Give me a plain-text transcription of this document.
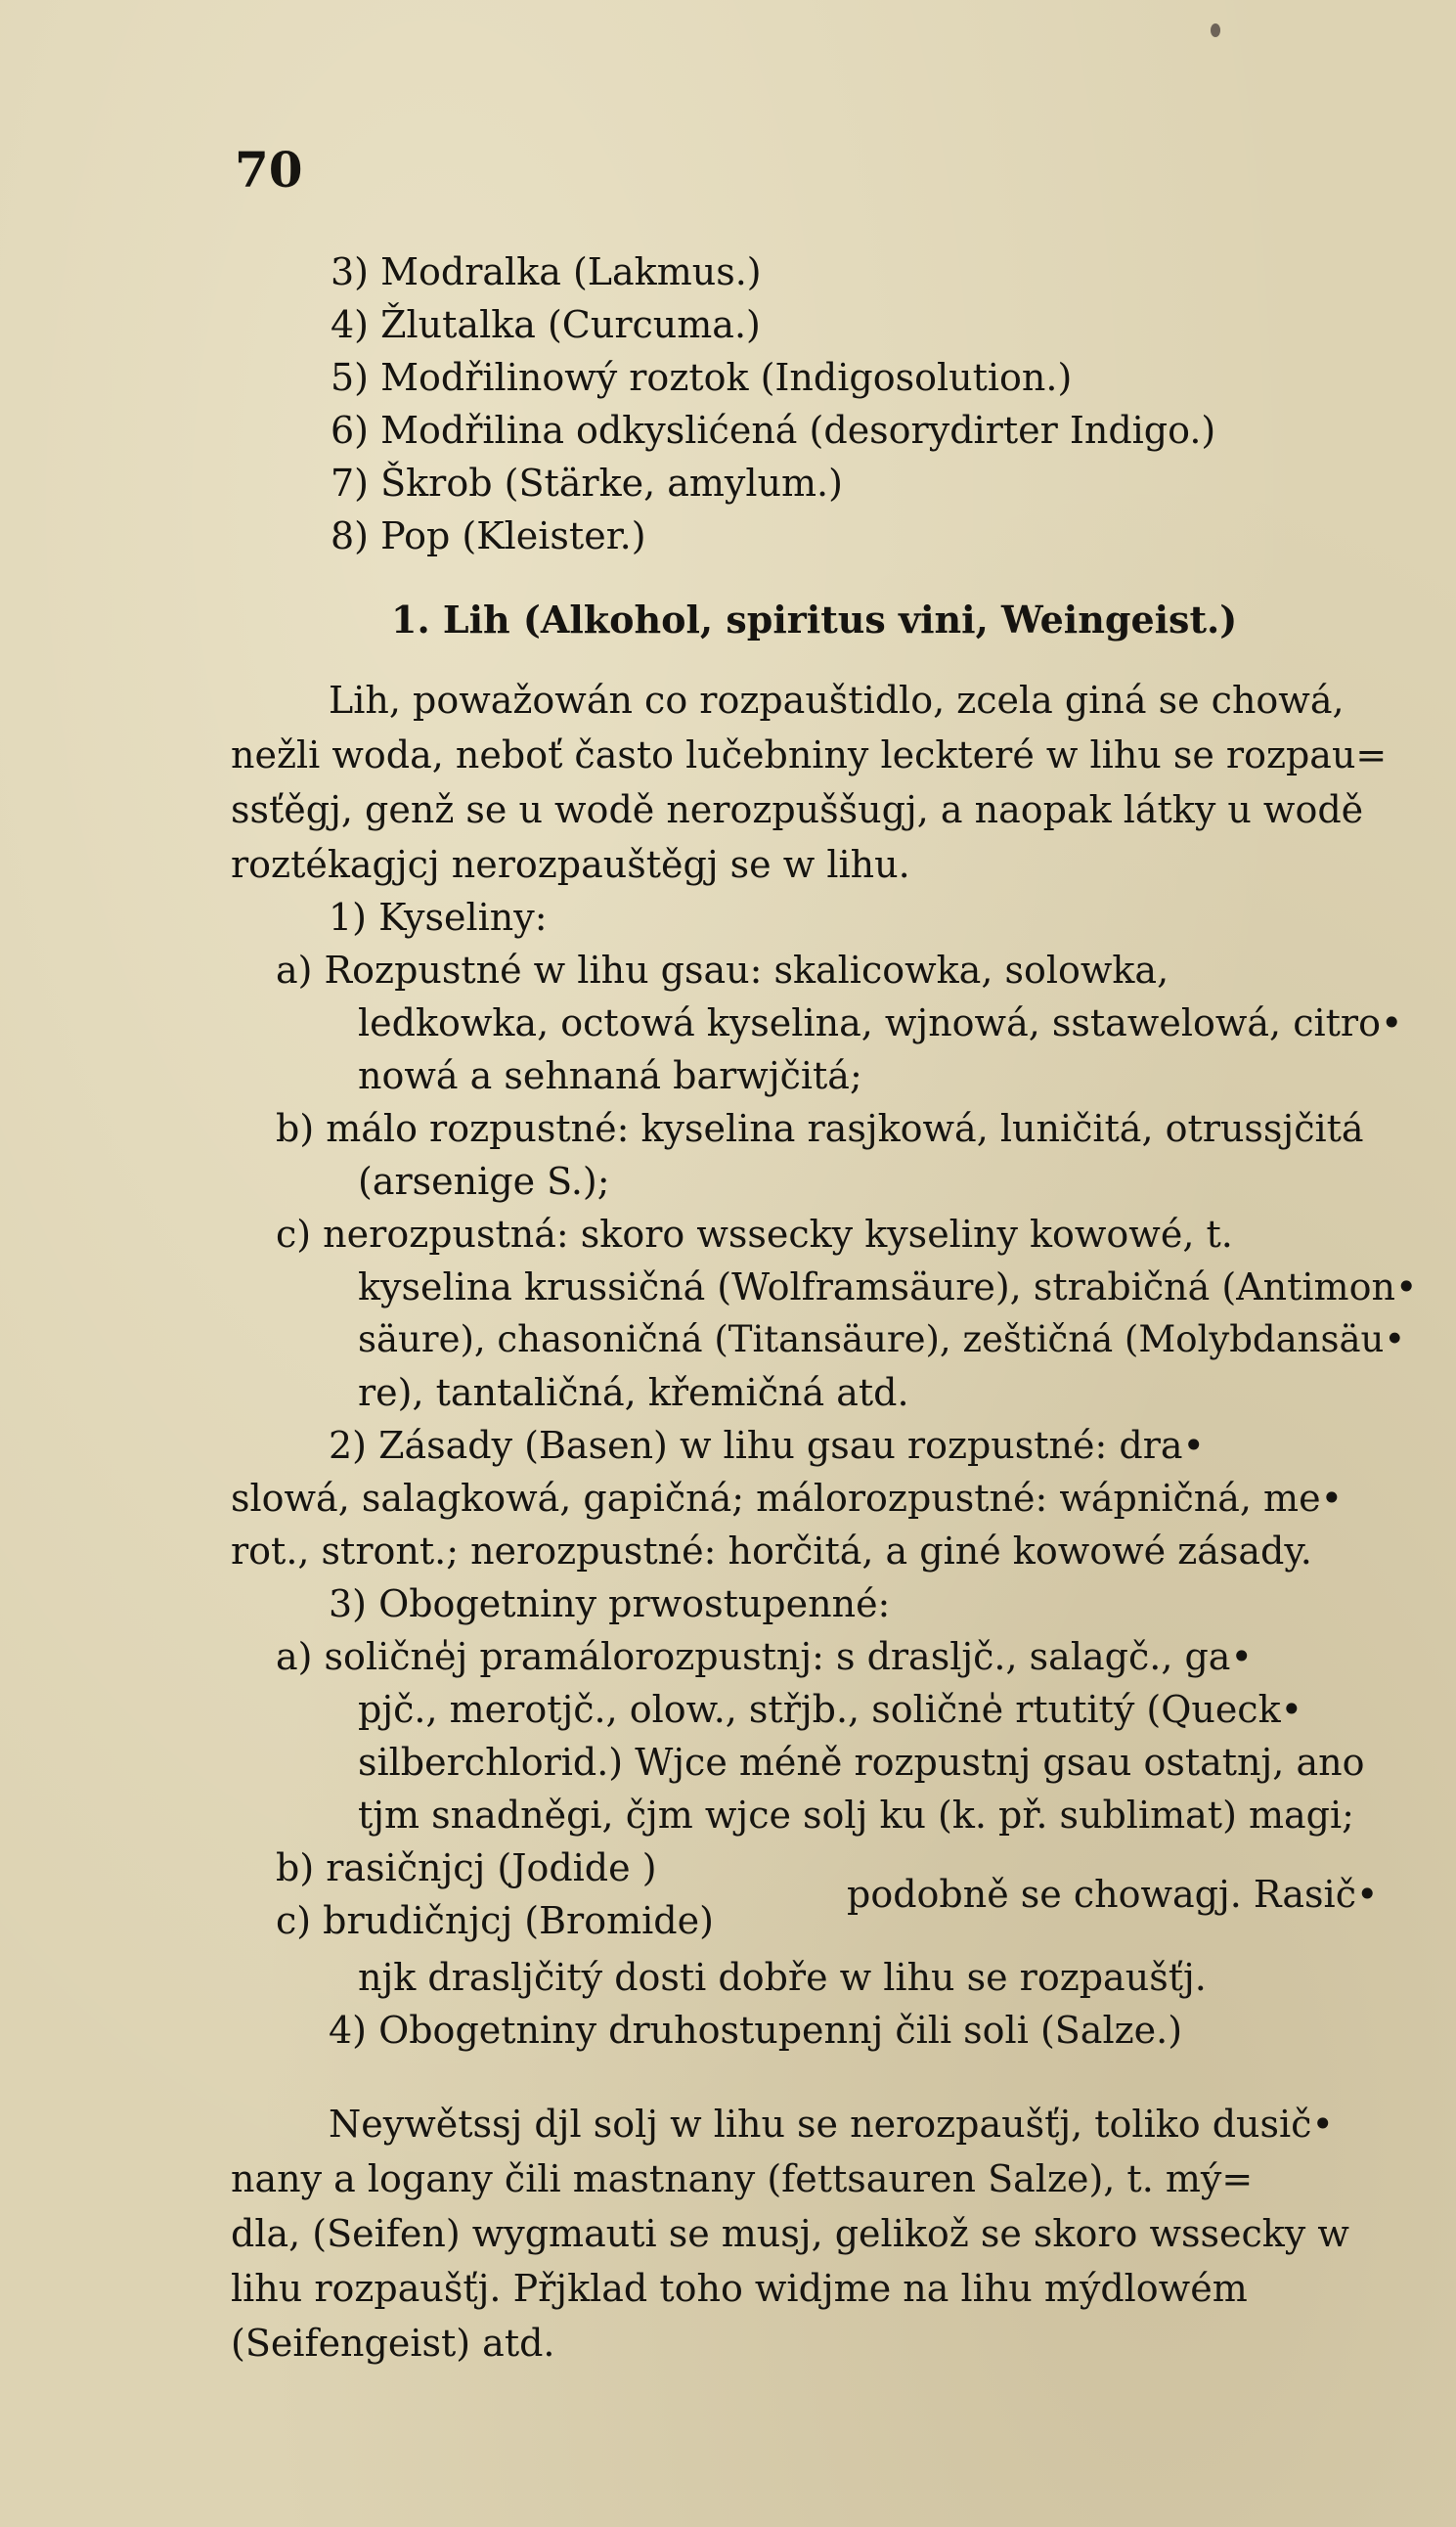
70
3) Modralka (Lakmus.)
4) Žlutalka (Curcuma.)
5) Modřilinowý roztok (Indigosolution.)
6) Modřilina odkyslićená (desorydirter Indigo.)
7) Škrob (Stärke, amylum.)
8) Pop (Kleister.)
1. Lih (Alkohol, spiritus vini, Weingeist.)
Lih, powažowán co rozpauštidlo, zcela giná se chowá,
nežli woda, neboť často lučebniny leckteré w lihu se rozpau=
ssťěgj, genž se u wodě nerozpuššugj, a naopak látky u wodě
roztékagjcj nerozpauštěgj se w lihu.
1) Kyseliny:
a) Rozpustné w lihu gsau: skalicowka, solowka,
ledkowka, octowá kyselina, wjnowá, sstawelowá, citro•
nowá a sehnaná barwjčitá;
b) málo rozpustné: kyselina rasjkowá, luničitá, otrussjčitá
(arsenige S.);
c) nerozpustná: skoro wssecky kyseliny kowowé, t.
kyselina krussičná (Wolframsäure), strabičná (Antimon•
säure), chasoničná (Titansäure), zeštičná (Molybdansäu•
re), tantaličná, křemičná atd.
2) Zásady (Basen) w lihu gsau rozpustné: dra•
slowá, salagkowá, gapičná; málorozpustné: wápničná, me•
rot., stront.; nerozpustné: horčitá, a giné kowowé zásady.
3) Obogetniny prwostupenné:
a) solične̍j pramálorozpustnj: s drasljč., salagč., ga•
pjč., merotjč., olow., střjb., solične̍ rtutitý (Queck•
silberchlorid.) Wjce méně rozpustnj gsau ostatnj, ano
tjm snadněgi, čjm wjce solj ku (k. př. sublimat) magi;
b) rasičnjcj (Jodide )
c) brudičnjcj (Bromide)
podobně se chowagj. Rasič•
njk drasljčitý dosti dobře w lihu se rozpaušťj.
4) Obogetniny druhostupennj čili soli (Salze.)
Neywětssj djl solj w lihu se nerozpaušťj, toliko dusič•
nany a logany čili mastnany (fettsauren Salze), t. mý=
dla, (Seifen) wygmauti se musj, gelikož se skoro wssecky w
lihu rozpaušťj. Přjklad toho widjme na lihu mýdlowém
(Seifengeist) atd.
